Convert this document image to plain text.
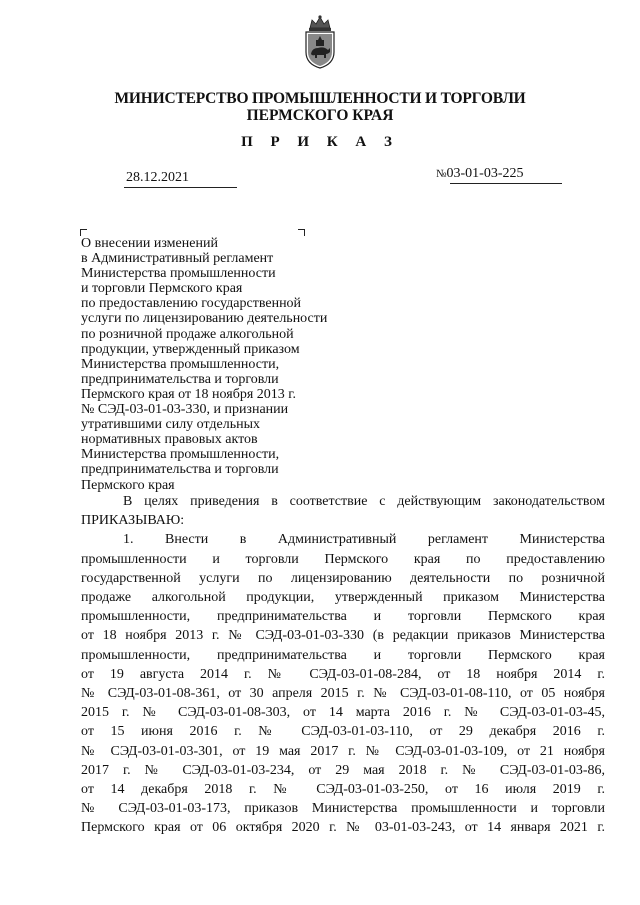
МИНИСТЕРСТВО ПРОМЫШЛЕННОСТИ И ТОРГОВЛИ
ПЕРМСКОГО КРАЯ
П Р И К А З
28.12.2021	№03-01-03-225
О внесении изменений
в Административный регламент
Министерства промышленности
и торговли Пермского края
по предоставлению государственной
услуги по лицензированию деятельности
по розничной продаже алкогольной
продукции, утвержденный приказом
Министерства промышленности,
предпринимательства и торговли
Пермского края от 18 ноября 2013 г.
№ СЭД-03-01-03-330, и признании
утратившими силу отдельных
нормативных правовых актов
Министерства промышленности,
предпринимательства и торговли
Пермского края
В целях приведения в соответствие с действующим законодательством
ПРИКАЗЫВАЮ:
1. Внести в Административный регламент Министерства
промышленности и торговли Пермского края по предоставлению
государственной услуги по лицензированию деятельности по розничной
продаже алкогольной продукции, утвержденный приказом Министерства
промышленности, предпринимательства и торговли Пермского края
от 18 ноября 2013 г. № СЭД-03-01-03-330 (в редакции приказов Министерства
промышленности, предпринимательства и торговли Пермского края
от 19 августа 2014 г. № СЭД-03-01-08-284, от 18 ноября 2014 г.
№ СЭД-03-01-08-361, от 30 апреля 2015 г. № СЭД-03-01-08-110, от 05 ноября
2015 г. № СЭД-03-01-08-303, от 14 марта 2016 г. № СЭД-03-01-03-45,
от 15 июня 2016 г. № СЭД-03-01-03-110, от 29 декабря 2016 г.
№ СЭД-03-01-03-301, от 19 мая 2017 г. № СЭД-03-01-03-109, от 21 ноября
2017 г. № СЭД-03-01-03-234, от 29 мая 2018 г. № СЭД-03-01-03-86,
от 14 декабря 2018 г. № СЭД-03-01-03-250, от 16 июля 2019 г.
№ СЭД-03-01-03-173, приказов Министерства промышленности и торговли
Пермского края от 06 октября 2020 г. № 03-01-03-243, от 14 января 2021 г.
